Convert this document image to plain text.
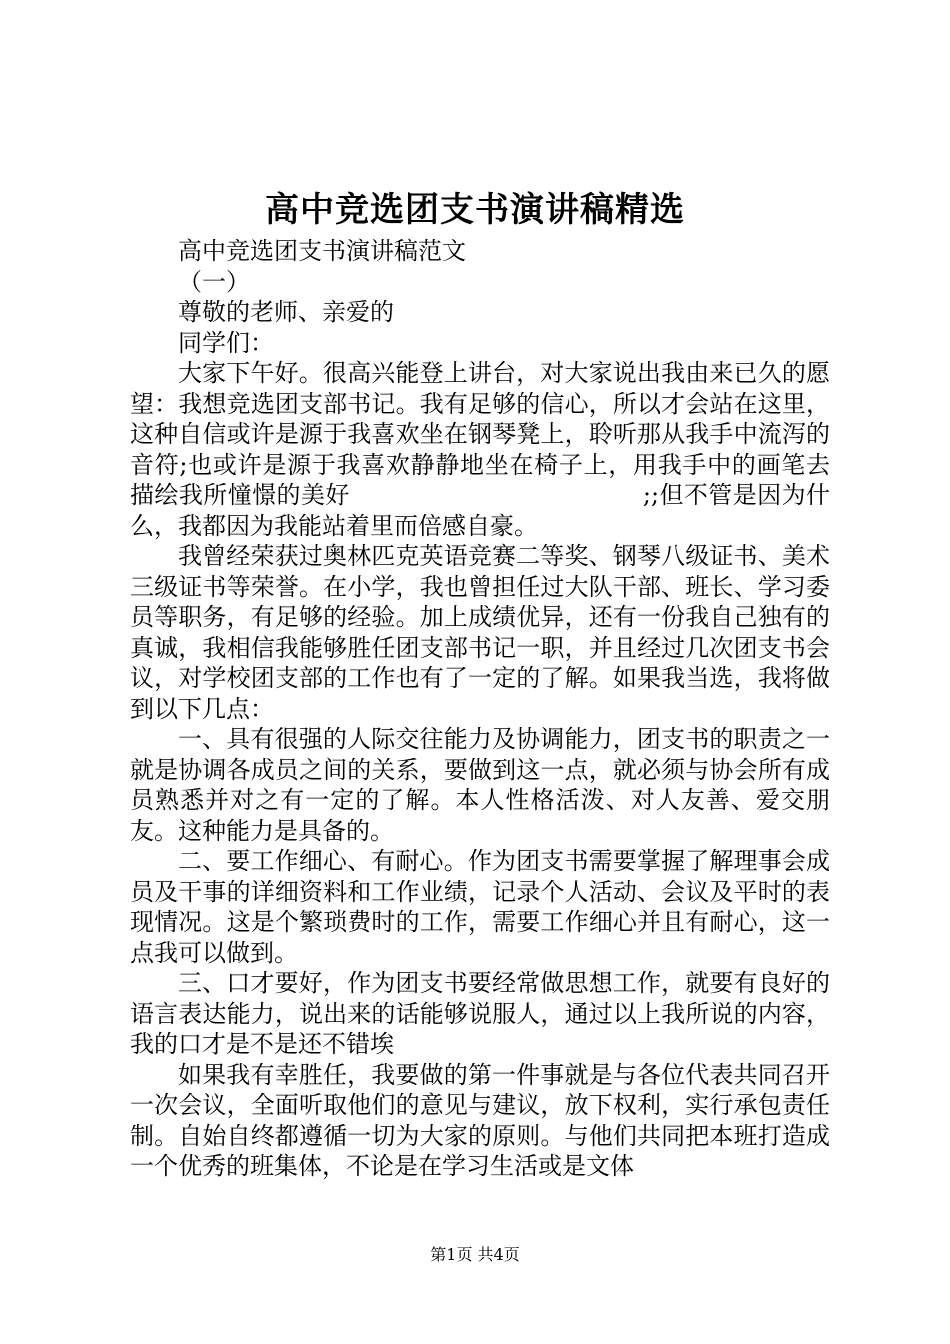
高中竞选团支书演讲稿精选

高中竞选团支书演讲稿范文

（一）

尊敬的老师、亲爱的

同学们：

大家下午好。很高兴能登上讲台，对大家说出我由来已久的愿望：我想竞选团支部书记。我有足够的信心，所以才会站在这里，这种自信或许是源于我喜欢坐在钢琴凳上，聆听那从我手中流泻的音符;也或许是源于我喜欢静静地坐在椅子上，用我手中的画笔去描绘我所憧憬的美好　　　　　　　　　　　　;;但不管是因为什么，我都因为我能站着里而倍感自豪。

我曾经荣获过奥林匹克英语竞赛二等奖、钢琴八级证书、美术三级证书等荣誉。在小学，我也曾担任过大队干部、班长、学习委员等职务，有足够的经验。加上成绩优异，还有一份我自己独有的真诚，我相信我能够胜任团支部书记一职，并且经过几次团支书会议，对学校团支部的工作也有了一定的了解。如果我当选，我将做到以下几点：

一、具有很强的人际交往能力及协调能力，团支书的职责之一就是协调各成员之间的关系，要做到这一点，就必须与协会所有成员熟悉并对之有一定的了解。本人性格活泼、对人友善、爱交朋友。这种能力是具备的。

二、要工作细心、有耐心。作为团支书需要掌握了解理事会成员及干事的详细资料和工作业绩，记录个人活动、会议及平时的表现情况。这是个繁琐费时的工作，需要工作细心并且有耐心，这一点我可以做到。

三、口才要好，作为团支书要经常做思想工作，就要有良好的语言表达能力，说出来的话能够说服人，通过以上我所说的内容，我的口才是不是还不错埃

如果我有幸胜任，我要做的第一件事就是与各位代表共同召开一次会议，全面听取他们的意见与建议，放下权利，实行承包责任制。自始自终都遵循一切为大家的原则。与他们共同把本班打造成一个优秀的班集体，不论是在学习生活或是文体

第1页 共4页
